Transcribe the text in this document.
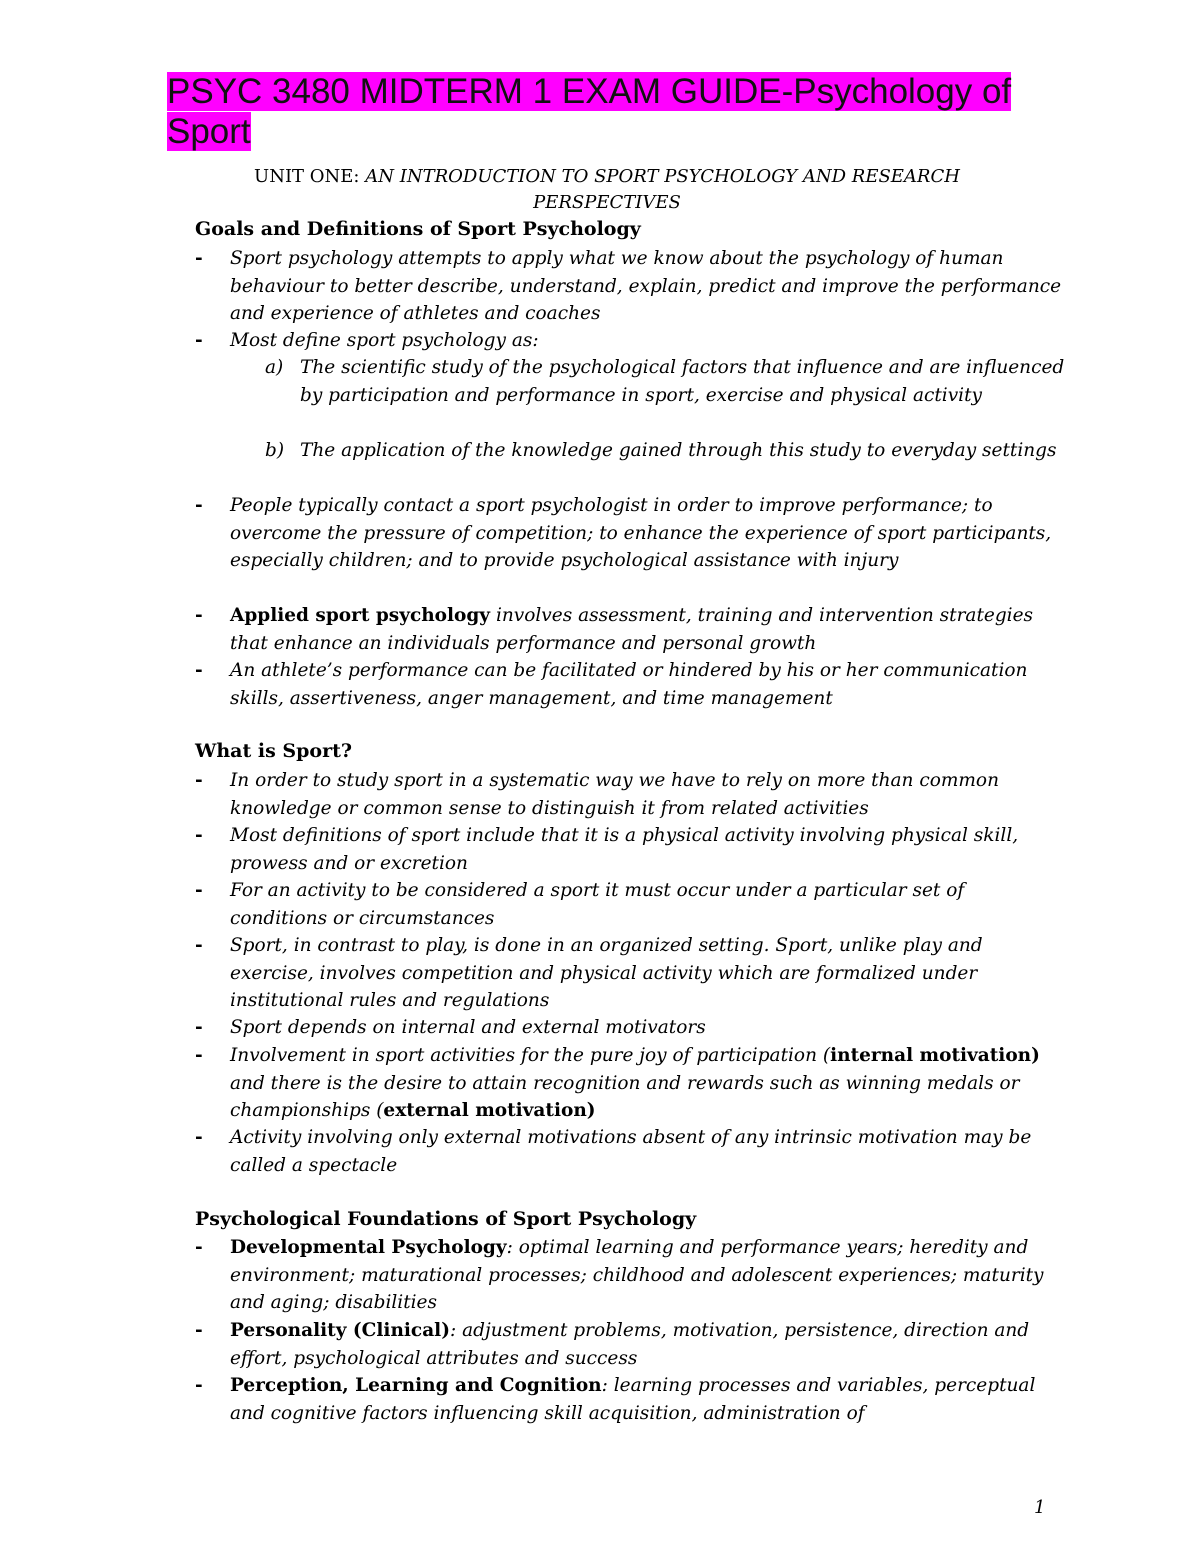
PSYC 3480 MIDTERM 1 EXAM GUIDE-Psychology of Sport
UNIT ONE: AN INTRODUCTION TO SPORT PSYCHOLOGY AND RESEARCH
PERSPECTIVES
Goals and Definitions of Sport Psychology
- Sport psychology attempts to apply what we know about the psychology of human behaviour to better describe, understand, explain, predict and improve the performance and experience of athletes and coaches
- Most define sport psychology as:
a) The scientific study of the psychological factors that influence and are influenced by participation and performance in sport, exercise and physical activity
b) The application of the knowledge gained through this study to everyday settings
- People typically contact a sport psychologist in order to improve performance; to overcome the pressure of competition; to enhance the experience of sport participants, especially children; and to provide psychological assistance with injury
- Applied sport psychology involves assessment, training and intervention strategies that enhance an individuals performance and personal growth
- An athlete’s performance can be facilitated or hindered by his or her communication skills, assertiveness, anger management, and time management
What is Sport?
- In order to study sport in a systematic way we have to rely on more than common knowledge or common sense to distinguish it from related activities
- Most definitions of sport include that it is a physical activity involving physical skill, prowess and or excretion
- For an activity to be considered a sport it must occur under a particular set of conditions or circumstances
- Sport, in contrast to play, is done in an organized setting. Sport, unlike play and exercise, involves competition and physical activity which are formalized under institutional rules and regulations
- Sport depends on internal and external motivators
- Involvement in sport activities for the pure joy of participation (internal motivation) and there is the desire to attain recognition and rewards such as winning medals or championships (external motivation)
- Activity involving only external motivations absent of any intrinsic motivation may be called a spectacle
Psychological Foundations of Sport Psychology
- Developmental Psychology: optimal learning and performance years; heredity and environment; maturational processes; childhood and adolescent experiences; maturity and aging; disabilities
- Personality (Clinical): adjustment problems, motivation, persistence, direction and effort, psychological attributes and success
- Perception, Learning and Cognition: learning processes and variables, perceptual and cognitive factors influencing skill acquisition, administration of
1
